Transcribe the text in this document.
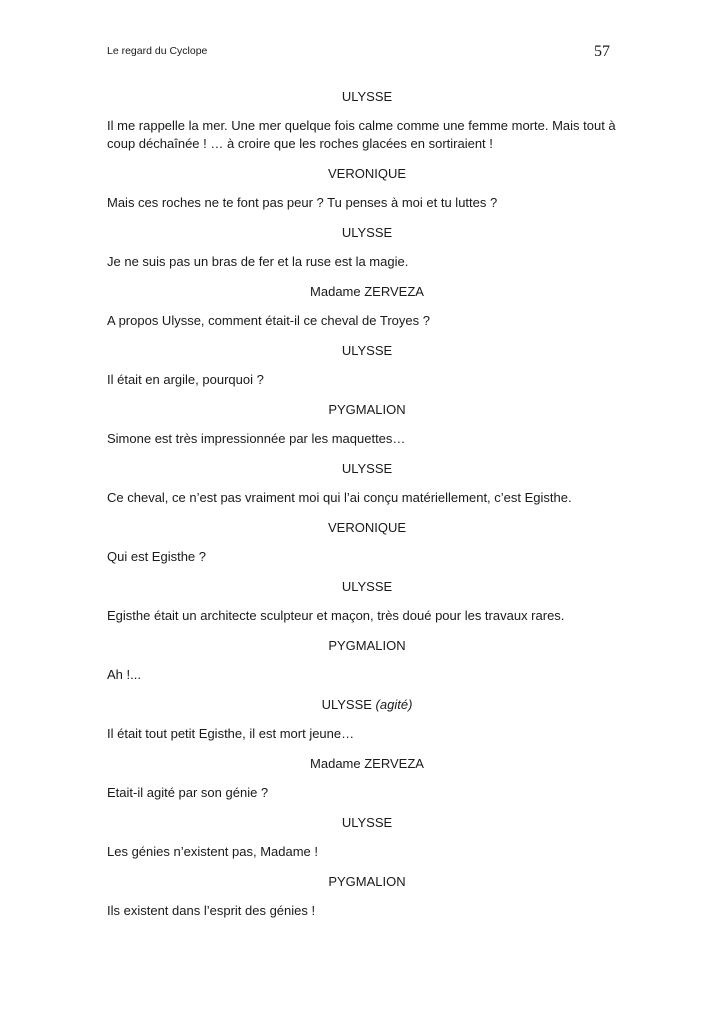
Le regard du Cyclope	57
ULYSSE
Il me rappelle la mer. Une mer quelque fois calme comme une femme morte. Mais tout à coup déchaînée ! … à croire que les roches glacées en sortiraient !
VERONIQUE
Mais ces roches ne te font pas peur ? Tu penses à moi et tu luttes ?
ULYSSE
Je ne suis pas un bras de fer et la ruse est la magie.
Madame ZERVEZA
A propos Ulysse, comment était-il ce cheval de Troyes ?
ULYSSE
Il était en argile, pourquoi ?
PYGMALION
Simone est très impressionnée par les maquettes…
ULYSSE
Ce cheval, ce n’est pas vraiment moi qui l’ai conçu matériellement, c’est Egisthe.
VERONIQUE
Qui est Egisthe ?
ULYSSE
Egisthe était un architecte sculpteur et maçon, très doué pour les travaux rares.
PYGMALION
Ah !...
ULYSSE (agité)
Il était tout petit Egisthe, il est mort jeune…
Madame ZERVEZA
Etait-il agité par son génie ?
ULYSSE
Les génies n’existent pas, Madame !
PYGMALION
Ils existent dans l’esprit des génies !
